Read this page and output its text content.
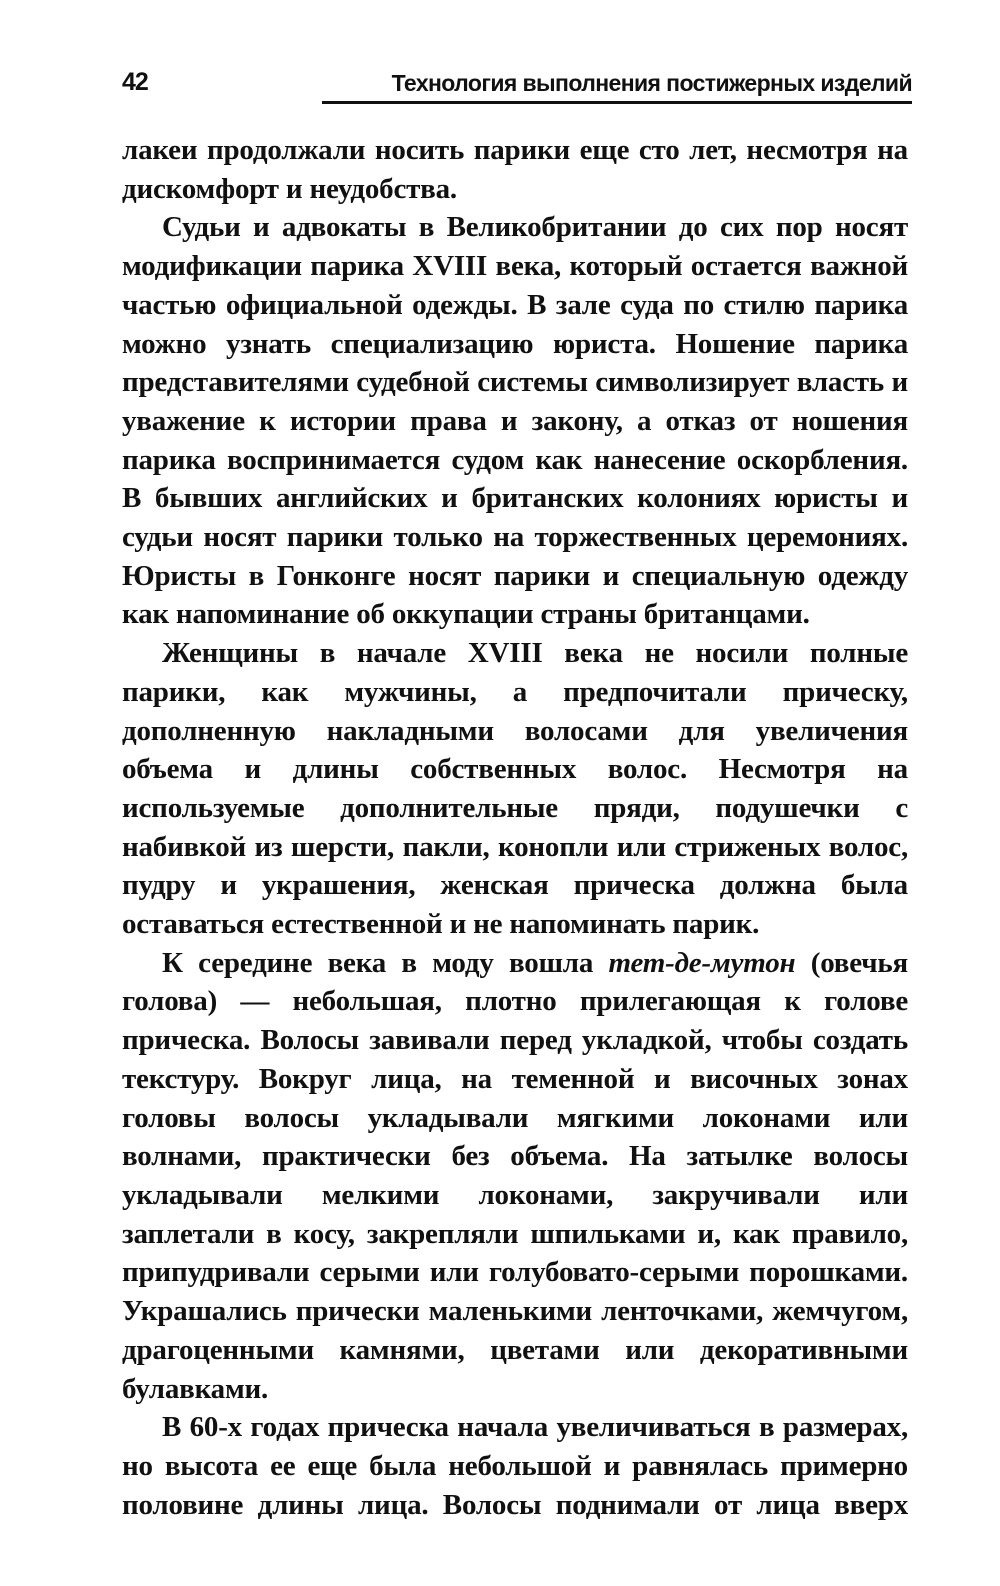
42	Технология выполнения постижерных изделий

лакеи продолжали носить парики еще сто лет, несмотря на дискомфорт и неудобства.

Судьи и адвокаты в Великобритании до сих пор носят модификации парика XVIII века, который остается важной частью официальной одежды. В зале суда по стилю парика можно узнать специализацию юриста. Ношение парика представителями судебной системы символизирует власть и уважение к истории права и закону, а отказ от ношения парика воспринимается судом как нанесение оскорбления. В бывших английских и британских колониях юристы и судьи носят парики только на торжественных церемониях. Юристы в Гонконге носят парики и специальную одежду как напоминание об оккупации страны британцами.

Женщины в начале XVIII века не носили полные парики, как мужчины, а предпочитали прическу, дополненную накладными волосами для увеличения объема и длины собственных волос. Несмотря на используемые дополнительные пряди, подушечки с набивкой из шерсти, пакли, конопли или стриженых волос, пудру и украшения, женская прическа должна была оставаться естественной и не напоминать парик.

К середине века в моду вошла тет-де-мутон (овечья голова) — небольшая, плотно прилегающая к голове прическа. Волосы завивали перед укладкой, чтобы создать текстуру. Вокруг лица, на теменной и височных зонах головы волосы укладывали мягкими локонами или волнами, практически без объема. На затылке волосы укладывали мелкими локонами, закручивали или заплетали в косу, закрепляли шпильками и, как правило, припудривали серыми или голубовато-серыми порошками. Украшались прически маленькими ленточками, жемчугом, драгоценными камнями, цветами или декоративными булавками.

В 60-х годах прическа начала увеличиваться в размерах, но высота ее еще была небольшой и равнялась примерно половине длины лица. Волосы поднимали от лица вверх
